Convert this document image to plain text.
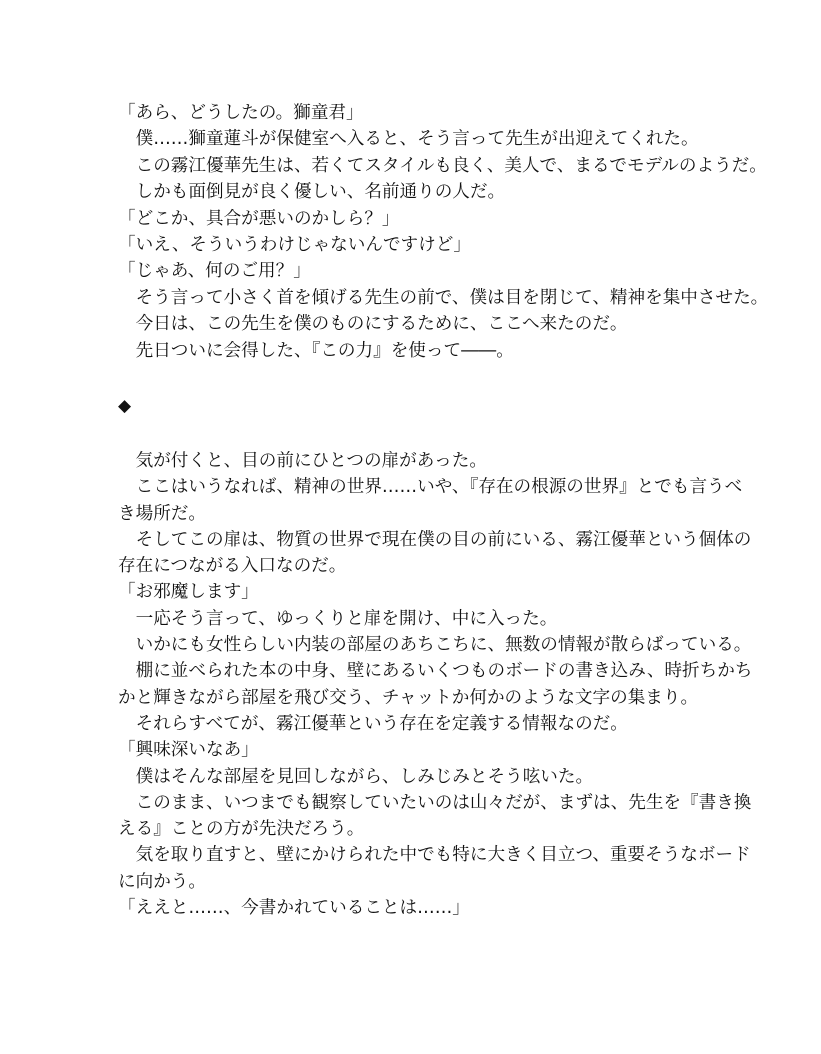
「あら、どうしたの。獅童君」
　僕……獅童蓮斗が保健室へ入ると、そう言って先生が出迎えてくれた。
　この霧江優華先生は、若くてスタイルも良く、美人で、まるでモデルのようだ。
　しかも面倒見が良く優しい、名前通りの人だ。
「どこか、具合が悪いのかしら？」
「いえ、そういうわけじゃないんですけど」
「じゃあ、何のご用？」
　そう言って小さく首を傾げる先生の前で、僕は目を閉じて、精神を集中させた。
　今日は、この先生を僕のものにするために、ここへ来たのだ。
　先日ついに会得した、『この力』を使って――。
◆
　気が付くと、目の前にひとつの扉があった。
　ここはいうなれば、精神の世界……いや、『存在の根源の世界』とでも言うべ
き場所だ。
　そしてこの扉は、物質の世界で現在僕の目の前にいる、霧江優華という個体の
存在につながる入口なのだ。
「お邪魔します」
　一応そう言って、ゆっくりと扉を開け、中に入った。
　いかにも女性らしい内装の部屋のあちこちに、無数の情報が散らばっている。
　棚に並べられた本の中身、壁にあるいくつものボードの書き込み、時折ちかち
かと輝きながら部屋を飛び交う、チャットか何かのような文字の集まり。
　それらすべてが、霧江優華という存在を定義する情報なのだ。
「興味深いなあ」
　僕はそんな部屋を見回しながら、しみじみとそう呟いた。
　このまま、いつまでも観察していたいのは山々だが、まずは、先生を『書き換
える』ことの方が先決だろう。
　気を取り直すと、壁にかけられた中でも特に大きく目立つ、重要そうなボード
に向かう。
「ええと……、今書かれていることは……」
